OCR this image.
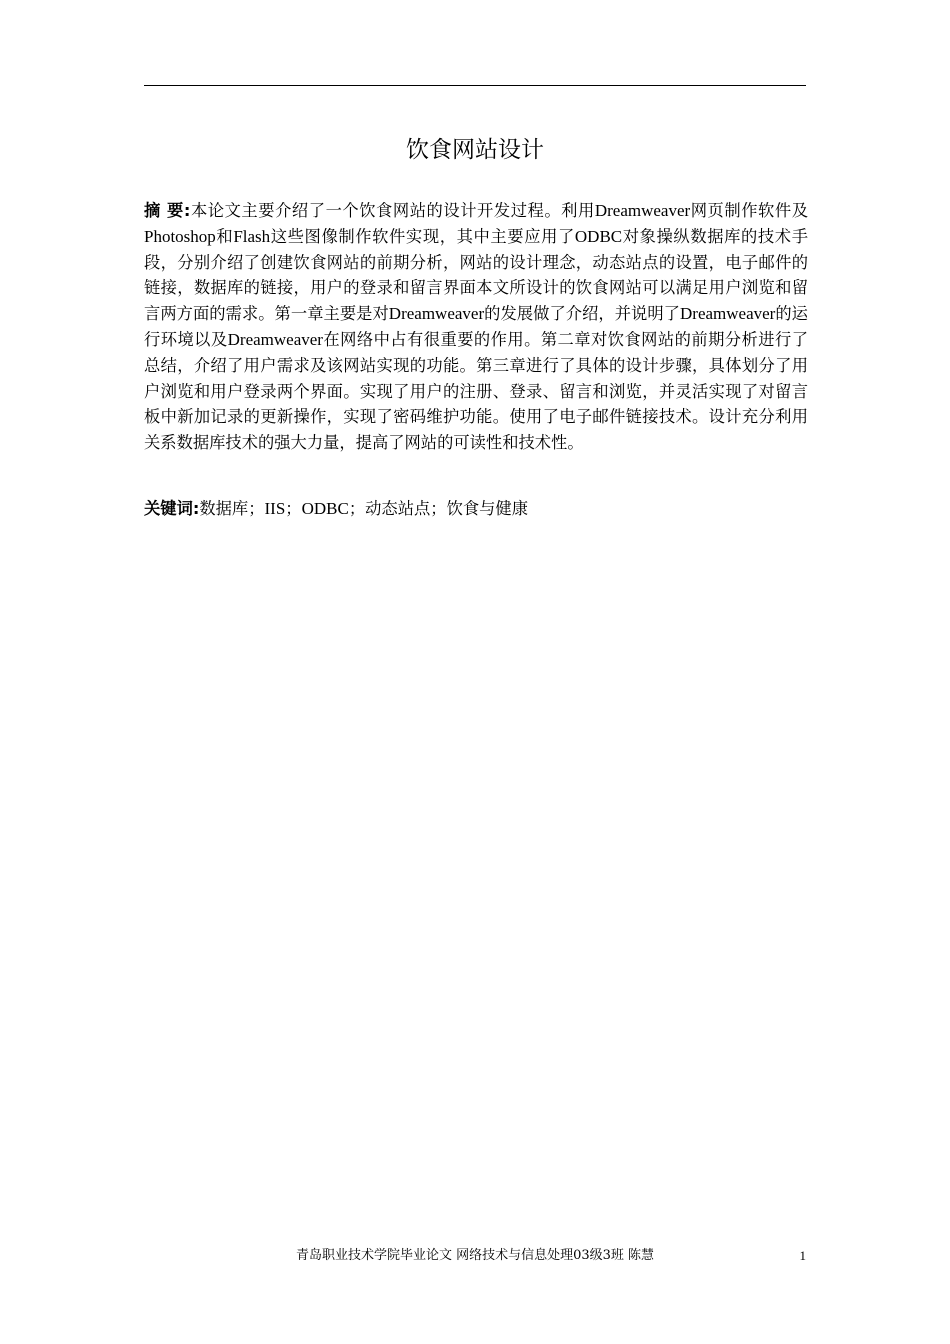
饮食网站设计

摘 要:本论文主要介绍了一个饮食网站的设计开发过程。利用Dreamweaver网页制作软件及Photoshop和Flash这些图像制作软件实现，其中主要应用了ODBC对象操纵数据库的技术手段，分别介绍了创建饮食网站的前期分析，网站的设计理念，动态站点的设置，电子邮件的链接，数据库的链接，用户的登录和留言界面本文所设计的饮食网站可以满足用户浏览和留言两方面的需求。第一章主要是对Dreamweaver的发展做了介绍，并说明了Dreamweaver的运行环境以及Dreamweaver在网络中占有很重要的作用。第二章对饮食网站的前期分析进行了总结，介绍了用户需求及该网站实现的功能。第三章进行了具体的设计步骤，具体划分了用户浏览和用户登录两个界面。实现了用户的注册、登录、留言和浏览，并灵活实现了对留言板中新加记录的更新操作，实现了密码维护功能。使用了电子邮件链接技术。设计充分利用关系数据库技术的强大力量，提高了网站的可读性和技术性。

关键词:数据库；IIS；ODBC；动态站点；饮食与健康

青岛职业技术学院毕业论文 网络技术与信息处理03级3班 陈慧	1
